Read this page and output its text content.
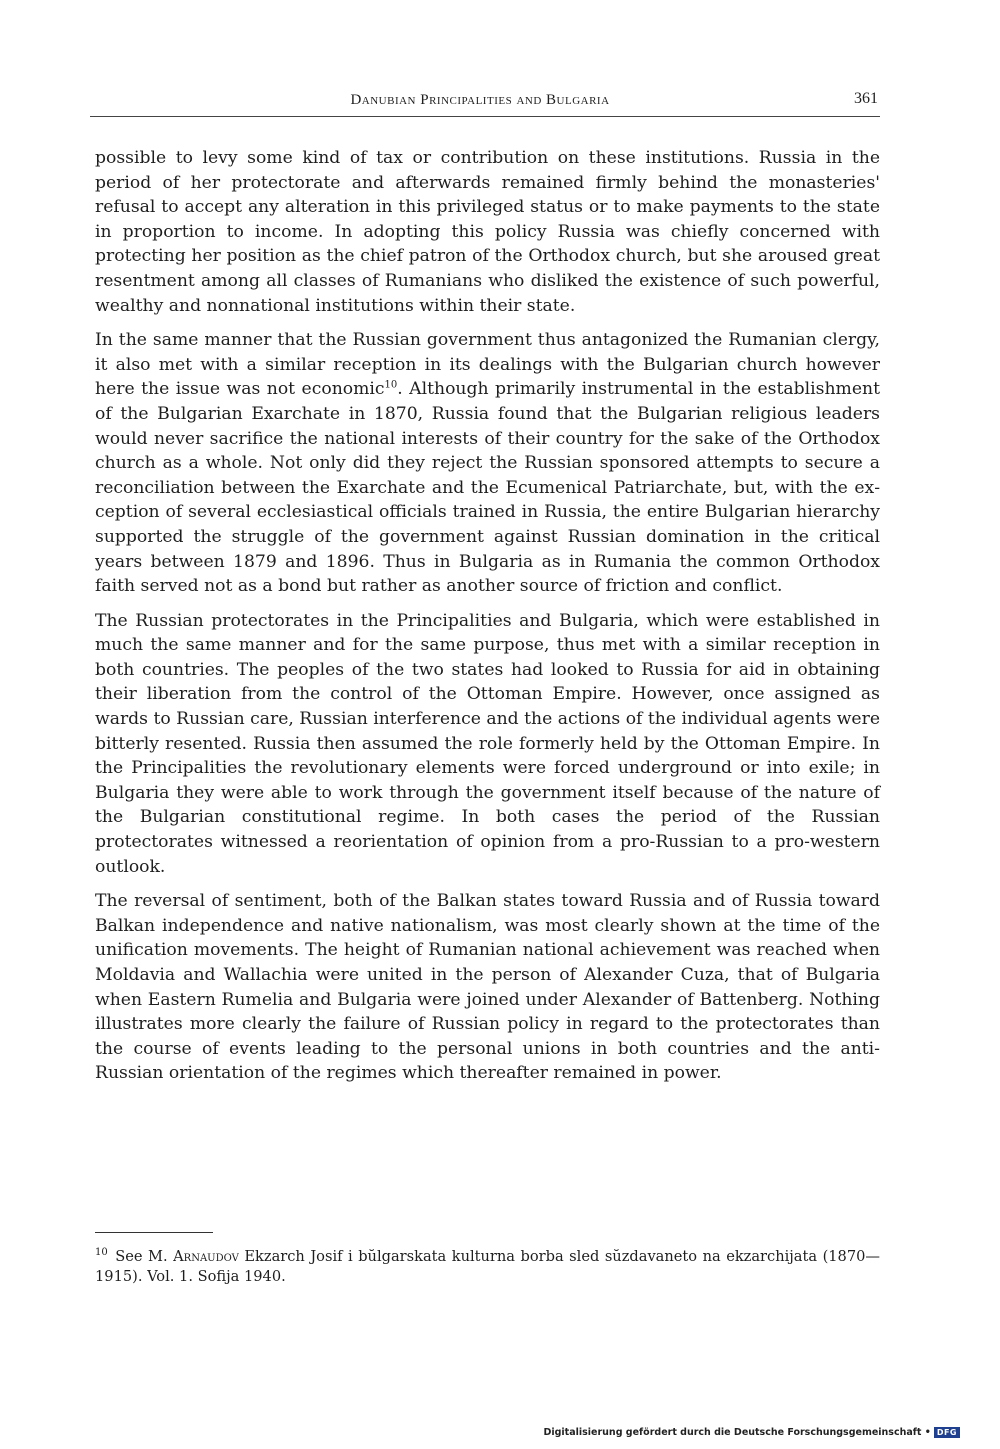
Danubian Principalities and Bulgaria	361

possible to levy some kind of tax or contribution on these institutions. Russia in the period of her protectorate and afterwards remained firmly behind the monasteries' refusal to accept any alteration in this privileged status or to make payments to the state in proportion to income. In adopting this policy Russia was chiefly concerned with protecting her position as the chief patron of the Orthodox church, but she aroused great resentment among all classes of Rumanians who disliked the existence of such powerful, wealthy and nonnational institutions within their state.

In the same manner that the Russian government thus antagonized the Rumanian clergy, it also met with a similar reception in its dealings with the Bulgarian church however here the issue was not economic$^{10}$. Although primarily instrumental in the establishment of the Bulgarian Exarchate in 1870, Russia found that the Bulgarian religious leaders would never sacrifice the national interests of their country for the sake of the Orthodox church as a whole. Not only did they reject the Russian sponsored attempts to secure a reconciliation between the Exarchate and the Ecumenical Patriarchate, but, with the exception of several ecclesiastical officials trained in Russia, the entire Bulgarian hierarchy supported the struggle of the government against Russian domination in the critical years between 1879 and 1896. Thus in Bulgaria as in Rumania the common Orthodox faith served not as a bond but rather as another source of friction and conflict.

The Russian protectorates in the Principalities and Bulgaria, which were established in much the same manner and for the same purpose, thus met with a similar reception in both countries. The peoples of the two states had looked to Russia for aid in obtaining their liberation from the control of the Ottoman Empire. However, once assigned as wards to Russian care, Russian interference and the actions of the individual agents were bitterly resented. Russia then assumed the role formerly held by the Ottoman Empire. In the Principalities the revolutionary elements were forced underground or into exile; in Bulgaria they were able to work through the government itself because of the nature of the Bulgarian constitutional regime. In both cases the period of the Russian protectorates witnessed a reorientation of opinion from a pro-Russian to a pro-western outlook.

The reversal of sentiment, both of the Balkan states toward Russia and of Russia toward Balkan independence and native nationalism, was most clearly shown at the time of the unification movements. The height of Rumanian national achievement was reached when Moldavia and Wallachia were united in the person of Alexander Cuza, that of Bulgaria when Eastern Rumelia and Bulgaria were joined under Alexander of Battenberg. Nothing illustrates more clearly the failure of Russian policy in regard to the protectorates than the course of events leading to the personal unions in both countries and the anti-Russian orientation of the regimes which thereafter remained in power.

$^{10}$ See M. Arnaudov Ekzarch Josif i bŭlgarskata kulturna borba sled sŭzdavaneto na ekzarchijata (1870—1915). Vol. 1. Sofija 1940.
Digitalisierung gefördert durch die Deutsche Forschungsgemeinschaft • DFG
